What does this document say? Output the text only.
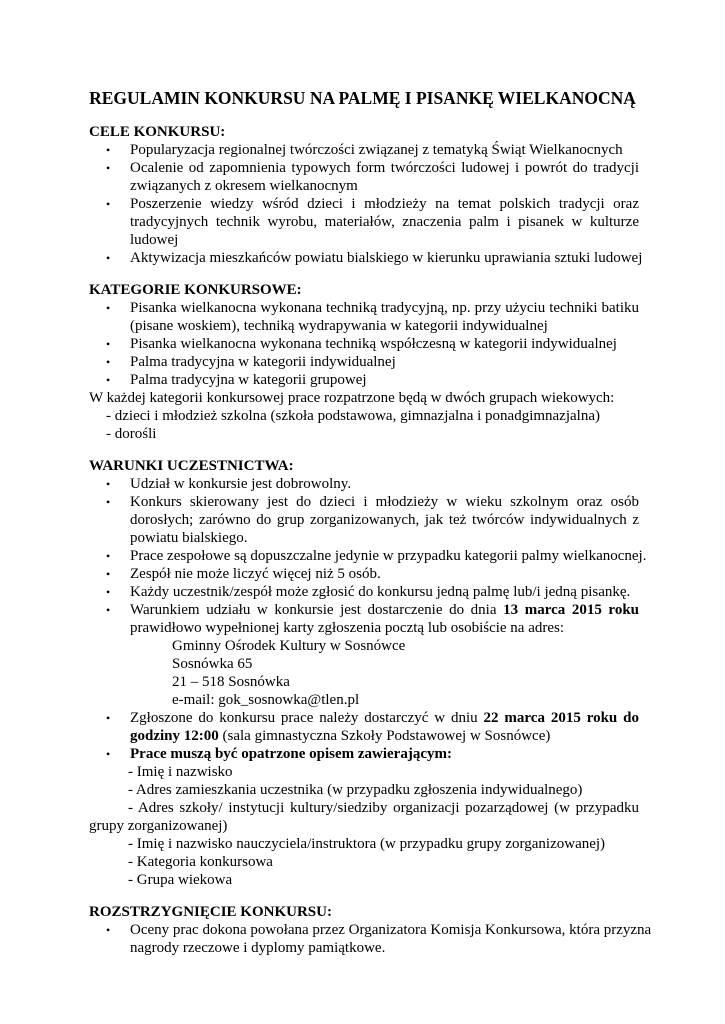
REGULAMIN KONKURSU NA PALMĘ I PISANKĘ WIELKANOCNĄ
CELE KONKURSU:
• Popularyzacja regionalnej twórczości związanej z tematyką Świąt Wielkanocnych
• Ocalenie od zapomnienia typowych form twórczości ludowej i powrót do tradycji
związanych z okresem wielkanocnym
• Poszerzenie wiedzy wśród dzieci i młodzieży na temat polskich tradycji oraz
tradycyjnych technik wyrobu, materiałów, znaczenia palm i pisanek w kulturze
ludowej
• Aktywizacja mieszkańców powiatu bialskiego w kierunku uprawiania sztuki ludowej
KATEGORIE KONKURSOWE:
• Pisanka wielkanocna wykonana techniką tradycyjną, np. przy użyciu techniki batiku
(pisane woskiem), techniką wydrapywania w kategorii indywidualnej
• Pisanka wielkanocna wykonana techniką współczesną w kategorii indywidualnej
• Palma tradycyjna w kategorii indywidualnej
• Palma tradycyjna w kategorii grupowej
W każdej kategorii konkursowej prace rozpatrzone będą w dwóch grupach wiekowych:
- dzieci i młodzież szkolna (szkoła podstawowa, gimnazjalna i ponadgimnazjalna)
- dorośli
WARUNKI UCZESTNICTWA:
• Udział w konkursie jest dobrowolny.
• Konkurs skierowany jest do dzieci i młodzieży w wieku szkolnym oraz osób
dorosłych; zarówno do grup zorganizowanych, jak też twórców indywidualnych z
powiatu bialskiego.
• Prace zespołowe są dopuszczalne jedynie w przypadku kategorii palmy wielkanocnej.
• Zespół nie może liczyć więcej niż 5 osób.
• Każdy uczestnik/zespół może zgłosić do konkursu jedną palmę lub/i jedną pisankę.
• Warunkiem udziału w konkursie jest dostarczenie do dnia 13 marca 2015 roku
prawidłowo wypełnionej karty zgłoszenia pocztą lub osobiście na adres:
Gminny Ośrodek Kultury w Sosnówce
Sosnówka 65
21 – 518 Sosnówka
e-mail: gok_sosnowka@tlen.pl
• Zgłoszone do konkursu prace należy dostarczyć w dniu 22 marca 2015 roku do
godziny 12:00 (sala gimnastyczna Szkoły Podstawowej w Sosnówce)
• Prace muszą być opatrzone opisem zawierającym:
- Imię i nazwisko
- Adres zamieszkania uczestnika (w przypadku zgłoszenia indywidualnego)
- Adres szkoły/ instytucji kultury/siedziby organizacji pozarządowej (w przypadku
grupy zorganizowanej)
- Imię i nazwisko nauczyciela/instruktora (w przypadku grupy zorganizowanej)
- Kategoria konkursowa
- Grupa wiekowa
ROZSTRZYGNIĘCIE KONKURSU:
• Oceny prac dokona powołana przez Organizatora Komisja Konkursowa, która przyzna
nagrody rzeczowe i dyplomy pamiątkowe.
